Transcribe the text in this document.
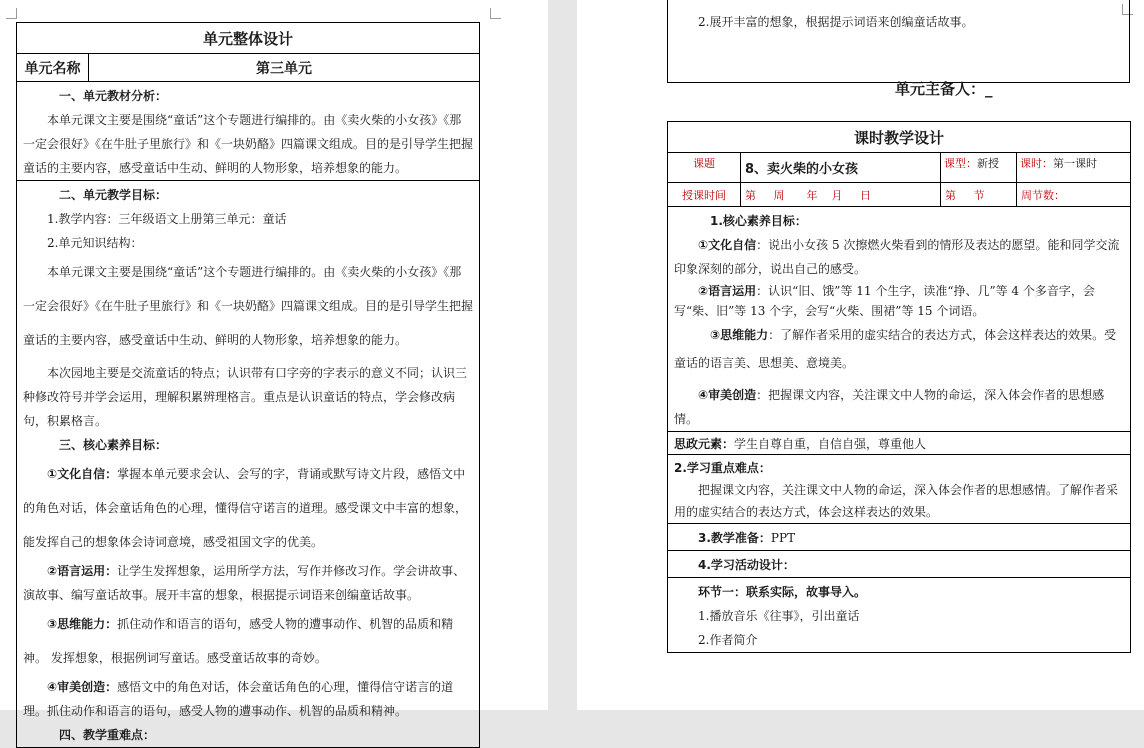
单元整体设计
单元名称	第三单元

一、单元教材分析：

本单元课文主要是围绕“童话”这个专题进行编排的。由《卖火柴的小女孩》《那一定会很好》《在牛肚子里旅行》和《一块奶酪》四篇课文组成。目的是引导学生把握童话的主要内容，感受童话中生动、鲜明的人物形象，培养想象的能力。

二、单元教学目标：

1.教学内容：三年级语文上册第三单元：童话

2.单元知识结构：

本单元课文主要是围绕“童话”这个专题进行编排的。由《卖火柴的小女孩》《那一定会很好》《在牛肚子里旅行》和《一块奶酪》四篇课文组成。目的是引导学生把握童话的主要内容，感受童话中生动、鲜明的人物形象，培养想象的能力。

本次园地主要是交流童话的特点；认识带有口字旁的字表示的意义不同；认识三种修改符号并学会运用，理解积累辨理格言。重点是认识童话的特点，学会修改病句，积累格言。

三、核心素养目标：

①文化自信：掌握本单元要求会认、会写的字，背诵或默写诗文片段，感悟文中的角色对话，体会童话角色的心理，懂得信守诺言的道理。感受课文中丰富的想象，能发挥自己的想象体会诗词意境，感受祖国文字的优美。

②语言运用：让学生发挥想象，运用所学方法，写作并修改习作。学会讲故事、演故事、编写童话故事。展开丰富的想象，根据提示词语来创编童话故事。

③思维能力：抓住动作和语言的语句，感受人物的遭事动作、机智的品质和精神。 发挥想象，根据例词写童话。感受童话故事的奇妙。

④审美创造：感悟文中的角色对话，体会童话角色的心理，懂得信守诺言的道理。抓住动作和语言的语句，感受人物的遭事动作、机智的品质和精神。

四、教学重难点：

2.展开丰富的想象，根据提示词语来创编童话故事。

单元主备人：_
课时教学设计			
课题	8、卖火柴的小女孩	课型：新授	课时：第一课时
授课时间	第     周 年    月     日	第     节	周节数：

1.核心素养目标：

①文化自信：说出小女孩 5 次擦燃火柴看到的情形及表达的愿望。能和同学交流印象深刻的部分，说出自己的感受。

②语言运用：认识“旧、饿”等 11 个生字，读准“挣、几”等 4 个多音字，会写“柴、旧”等 13 个字，会写“火柴、围裙”等 15 个词语。

③思维能力：了解作者采用的虚实结合的表达方式，体会这样表达的效果。受童话的语言美、思想美、意境美。

④审美创造：把握课文内容，关注课文中人物的命运，深入体会作者的思想感情。			

思政元素：学生自尊自重，自信自强，尊重他人			

2.学习重点难点：

把握课文内容，关注课文中人物的命运，深入体会作者的思想感情。了解作者采用的虚实结合的表达方式，体会这样表达的效果。			

3.教学准备：PPT			

4.学习活动设计：			

环节一：联系实际，故事导入。

1.播放音乐《往事》，引出童话

2.作者简介			
